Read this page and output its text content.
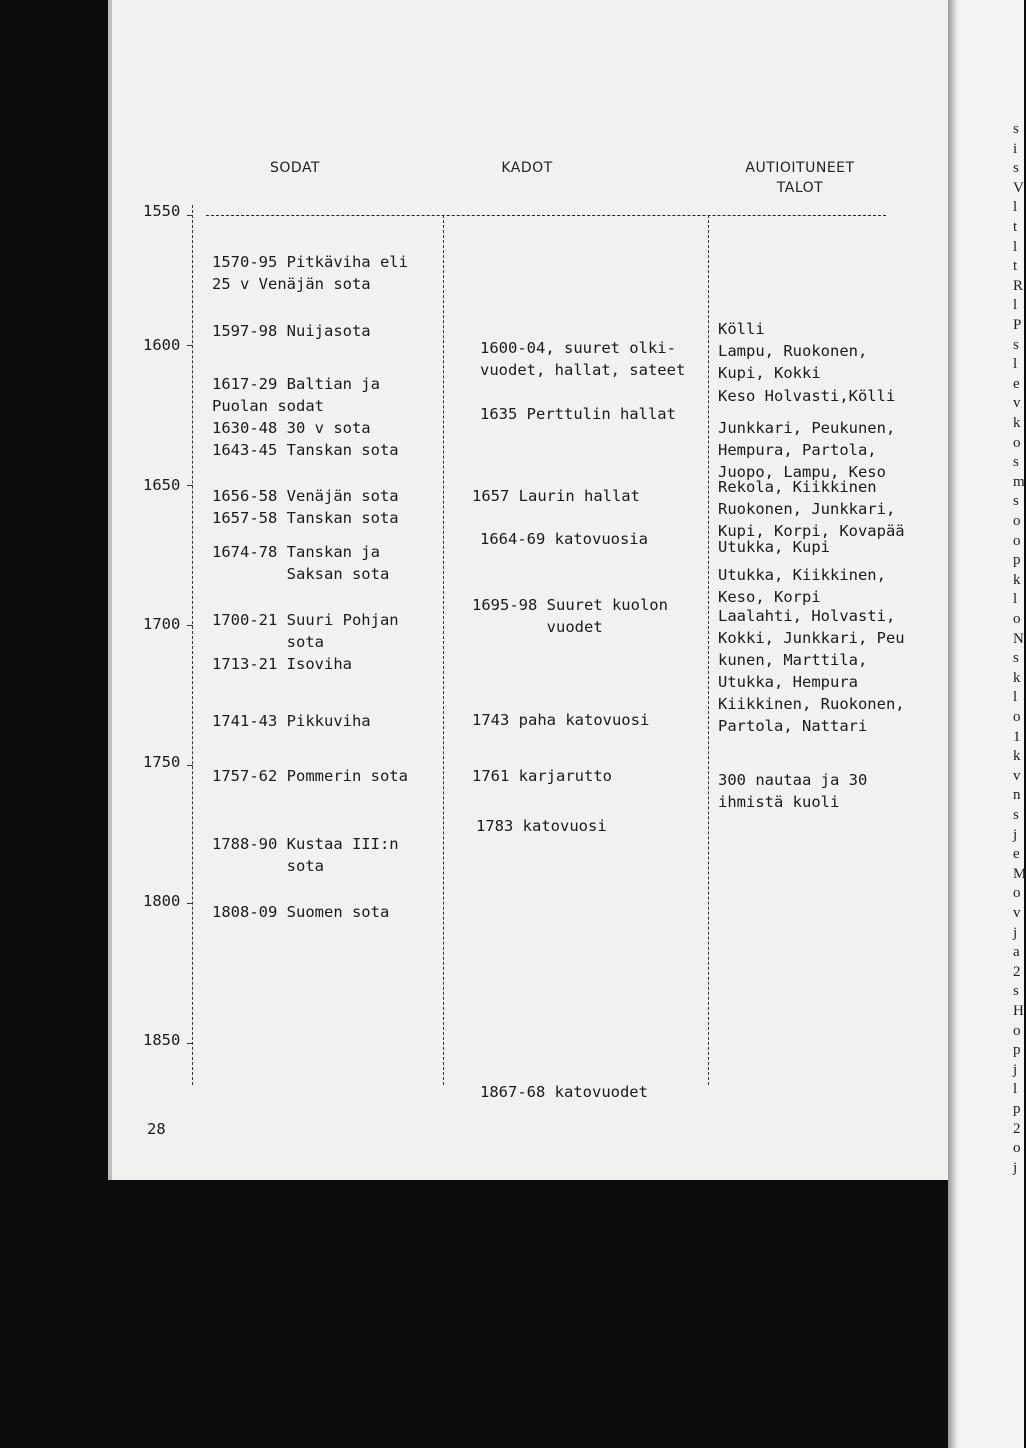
SODAT	KADOT	AUTIOITUNEET
TALOT
1550
1600
1650
1700
1750
1800
1850
1570-95 Pitkäviha eli
25 v Venäjän sota
1597-98 Nuijasota
1617-29 Baltian ja
Puolan sodat
1630-48 30 v sota
1643-45 Tanskan sota
1656-58 Venäjän sota
1657-58 Tanskan sota
1674-78 Tanskan ja
Saksan sota
1700-21 Suuri Pohjan
sota
1713-21 Isoviha
1741-43 Pikkuviha
1757-62 Pommerin sota
1788-90 Kustaa III:n
sota
1808-09 Suomen sota
1600-04, suuret olki-
vuodet, hallat, sateet
1635 Perttulin hallat
1657 Laurin hallat
1664-69 katovuosia
1695-98 Suuret kuolon
vuodet
1743 paha katovuosi
1761 karjarutto
1783 katovuosi
1867-68 katovuodet
Kölli
Lampu, Ruokonen,
Kupi, Kokki
Keso Holvasti,Kölli
Junkkari, Peukunen,
Hempura, Partola,
Juopo, Lampu, Keso
Rekola, Kiikkinen
Ruokonen, Junkkari,
Kupi, Korpi, Kovapää
Utukka, Kupi
Utukka, Kiikkinen,
Keso, Korpi
Laalahti, Holvasti,
Kokki, Junkkari, Peu
kunen, Marttila,
Utukka, Hempura
Kiikkinen, Ruokonen,
Partola, Nattari
300 nautaa ja 30
ihmistä kuoli
28
s
i
s
V
l
t
l
t
R
l
P
s
l
e
v
k
o
s
m
s
o
o
p
k
l
o
N
s
k
l
o
1
k
v
n
s
j
e
M
o
v
j
a
2
s
H
o
p
j
l
p
2
o
j
